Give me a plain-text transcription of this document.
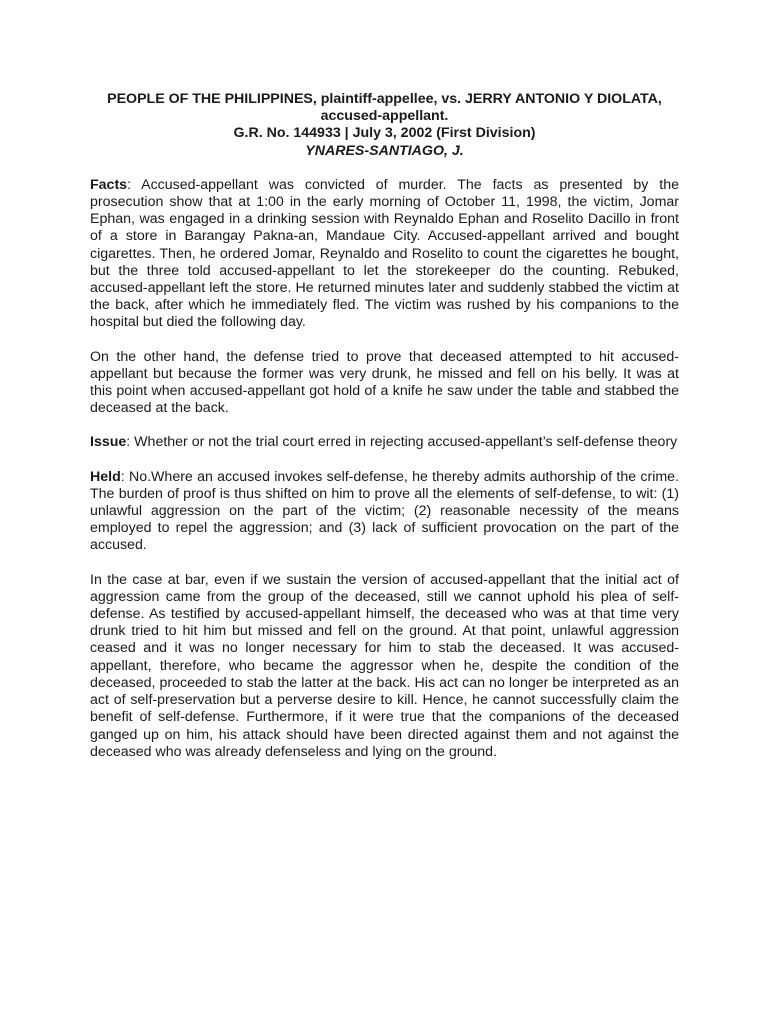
PEOPLE OF THE PHILIPPINES, plaintiff-appellee, vs. JERRY ANTONIO Y DIOLATA, accused-appellant.
G.R. No. 144933 | July 3, 2002 (First Division)
YNARES-SANTIAGO, J.

Facts: Accused-appellant was convicted of murder. The facts as presented by the prosecution show that at 1:00 in the early morning of October 11, 1998, the victim, Jomar Ephan, was engaged in a drinking session with Reynaldo Ephan and Roselito Dacillo in front of a store in Barangay Pakna-an, Mandaue City. Accused-appellant arrived and bought cigarettes. Then, he ordered Jomar, Reynaldo and Roselito to count the cigarettes he bought, but the three told accused-appellant to let the storekeeper do the counting. Rebuked, accused-appellant left the store. He returned minutes later and suddenly stabbed the victim at the back, after which he immediately fled. The victim was rushed by his companions to the hospital but died the following day.

On the other hand, the defense tried to prove that deceased attempted to hit accused-appellant but because the former was very drunk, he missed and fell on his belly. It was at this point when accused-appellant got hold of a knife he saw under the table and stabbed the deceased at the back.

Issue: Whether or not the trial court erred in rejecting accused-appellant’s self-defense theory

Held: No.Where an accused invokes self-defense, he thereby admits authorship of the crime. The burden of proof is thus shifted on him to prove all the elements of self-defense, to wit: (1) unlawful aggression on the part of the victim; (2) reasonable necessity of the means employed to repel the aggression; and (3) lack of sufficient provocation on the part of the accused.

In the case at bar, even if we sustain the version of accused-appellant that the initial act of aggression came from the group of the deceased, still we cannot uphold his plea of self-defense. As testified by accused-appellant himself, the deceased who was at that time very drunk tried to hit him but missed and fell on the ground. At that point, unlawful aggression ceased and it was no longer necessary for him to stab the deceased. It was accused-appellant, therefore, who became the aggressor when he, despite the condition of the deceased, proceeded to stab the latter at the back. His act can no longer be interpreted as an act of self-preservation but a perverse desire to kill. Hence, he cannot successfully claim the benefit of self-defense. Furthermore, if it were true that the companions of the deceased ganged up on him, his attack should have been directed against them and not against the deceased who was already defenseless and lying on the ground.
